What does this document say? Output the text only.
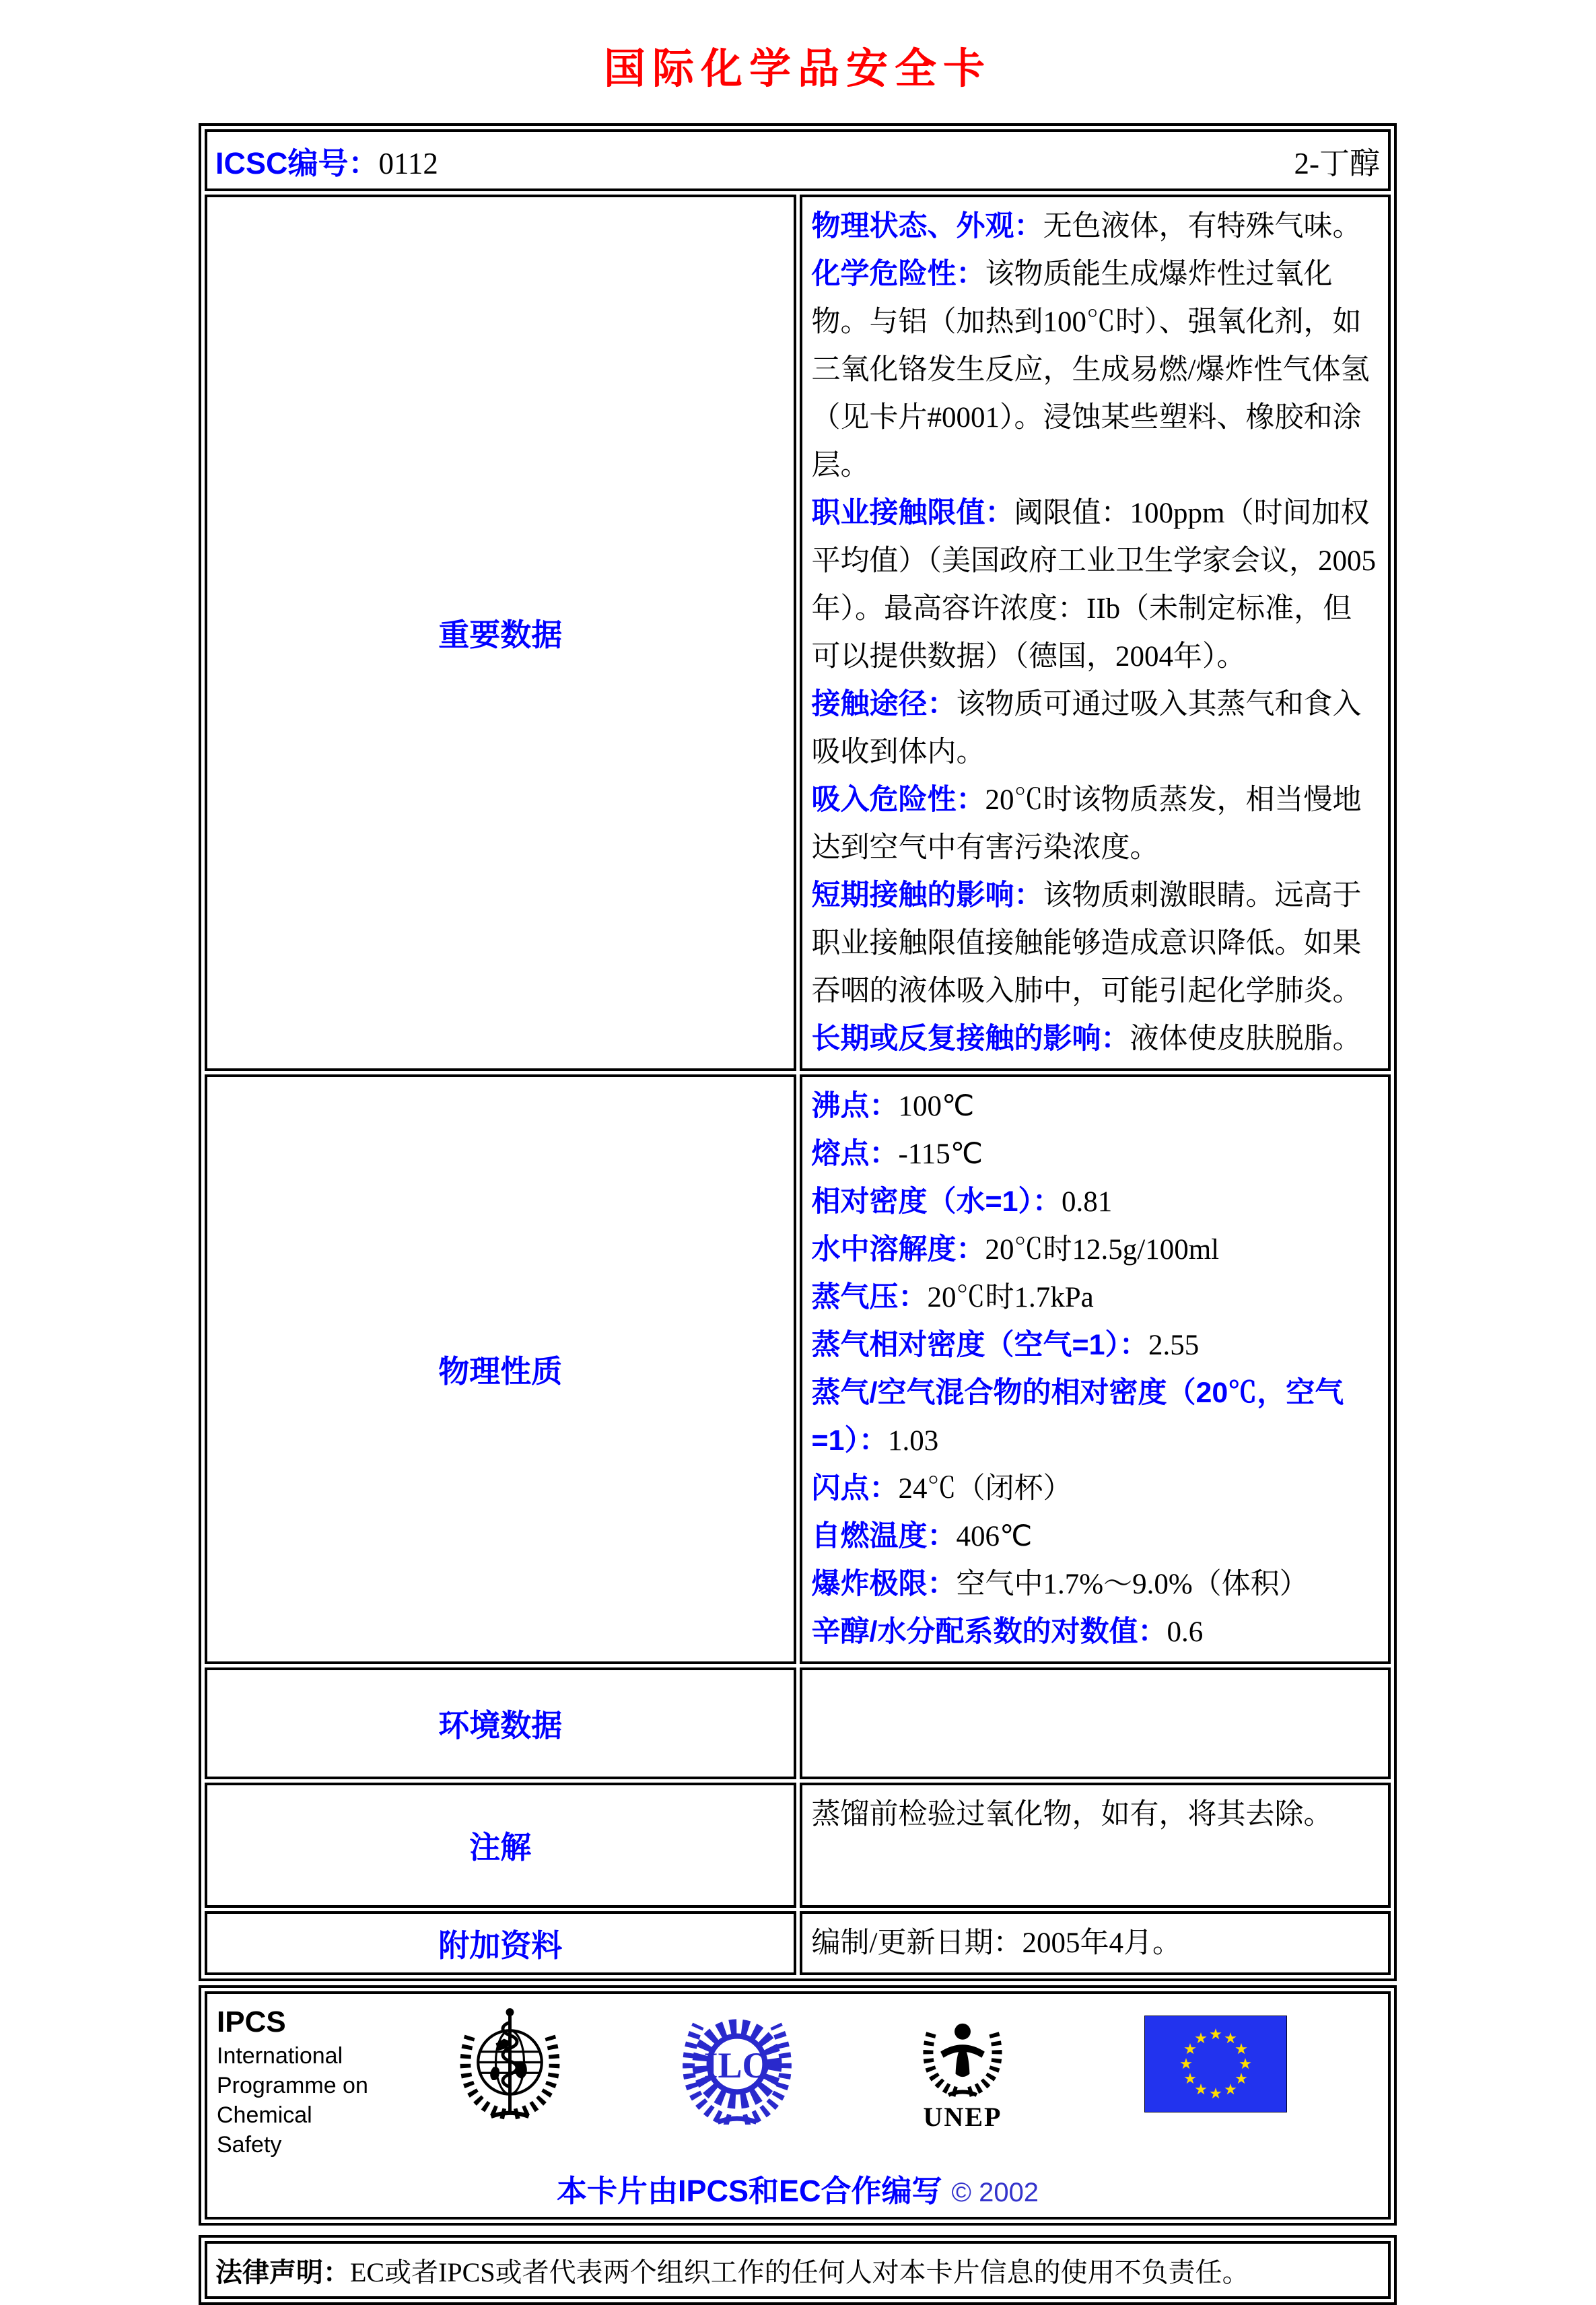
国际化学品安全卡
ICSC编号：0112 2-丁醇	

重要数据	
物理状态、外观：无色液体，有特殊气味。
化学危险性：该物质能生成爆炸性过氧化物。与铝（加热到100℃时）、强氧化剂，如三氧化铬发生反应，生成易燃/爆炸性气体氢（见卡片#0001）。浸蚀某些塑料、橡胶和涂层。
职业接触限值：阈限值：100ppm（时间加权平均值）（美国政府工业卫生学家会议，2005年）。最高容许浓度：IIb（未制定标准，但可以提供数据）（德国，2004年）。
接触途径：该物质可通过吸入其蒸气和食入吸收到体内。
吸入危险性：20℃时该物质蒸发，相当慢地达到空气中有害污染浓度。
短期接触的影响：该物质刺激眼睛。远高于职业接触限值接触能够造成意识降低。如果吞咽的液体吸入肺中，可能引起化学肺炎。
长期或反复接触的影响：液体使皮肤脱脂。

物理性质	
沸点：100℃
熔点：-115℃
相对密度（水=1）：0.81
水中溶解度：20℃时12.5g/100ml
蒸气压：20℃时1.7kPa
蒸气相对密度（空气=1）：2.55
蒸气/空气混合物的相对密度（20℃，空气=1）：1.03
闪点：24℃（闭杯）
自燃温度：406℃
爆炸极限：空气中1.7%～9.0%（体积）
辛醇/水分配系数的对数值：0.6

环境数据	
注解	蒸馏前检验过氧化物，如有，将其去除。
附加资料	编制/更新日期：2005年4月。
IPCS
International
Programme on
Chemical Safety
ILO
UNEP
本卡片由IPCS和EC合作编写 © 2002
法律声明：EC或者IPCS或者代表两个组织工作的任何人对本卡片信息的使用不负责任。
